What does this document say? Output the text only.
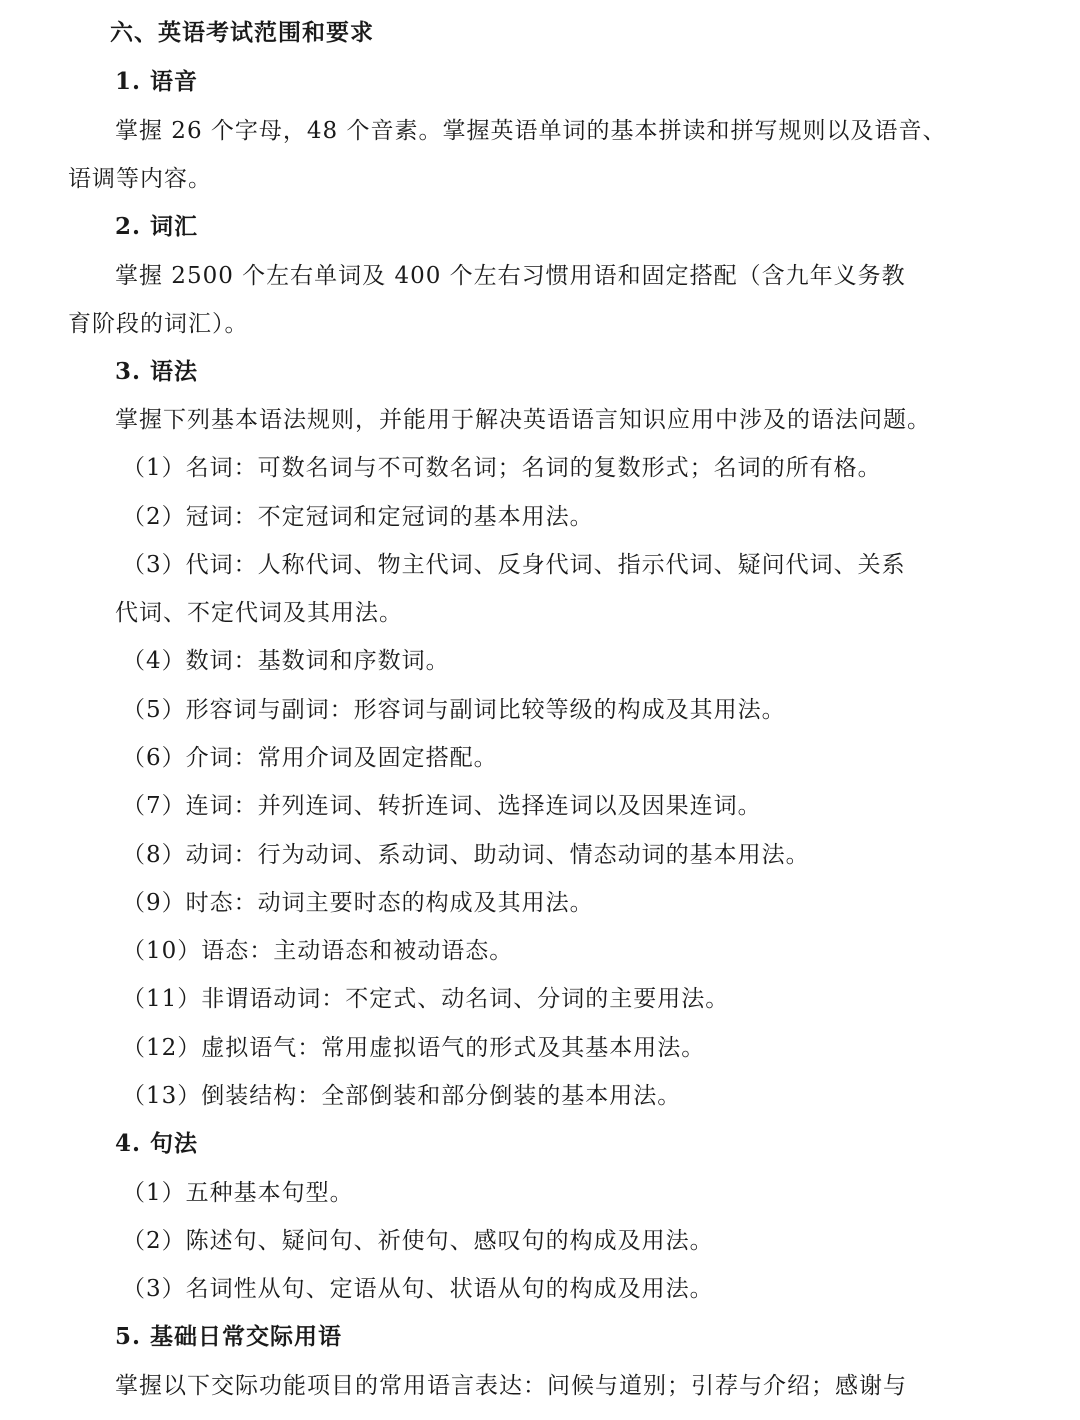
六、英语考试范围和要求
1. 语音
掌握 26 个字母，48 个音素。掌握英语单词的基本拼读和拼写规则以及语音、
语调等内容。
2. 词汇
掌握 2500 个左右单词及 400 个左右习惯用语和固定搭配（含九年义务教
育阶段的词汇）。
3. 语法
掌握下列基本语法规则，并能用于解决英语语言知识应用中涉及的语法问题。
（1）名词：可数名词与不可数名词；名词的复数形式；名词的所有格。
（2）冠词：不定冠词和定冠词的基本用法。
（3）代词：人称代词、物主代词、反身代词、指示代词、疑问代词、关系
代词、不定代词及其用法。
（4）数词：基数词和序数词。
（5）形容词与副词：形容词与副词比较等级的构成及其用法。
（6）介词：常用介词及固定搭配。
（7）连词：并列连词、转折连词、选择连词以及因果连词。
（8）动词：行为动词、系动词、助动词、情态动词的基本用法。
（9）时态：动词主要时态的构成及其用法。
（10）语态：主动语态和被动语态。
（11）非谓语动词：不定式、动名词、分词的主要用法。
（12）虚拟语气：常用虚拟语气的形式及其基本用法。
（13）倒装结构：全部倒装和部分倒装的基本用法。
4. 句法
（1）五种基本句型。
（2）陈述句、疑问句、祈使句、感叹句的构成及用法。
（3）名词性从句、定语从句、状语从句的构成及用法。
5. 基础日常交际用语
掌握以下交际功能项目的常用语言表达：问候与道别；引荐与介绍；感谢与
